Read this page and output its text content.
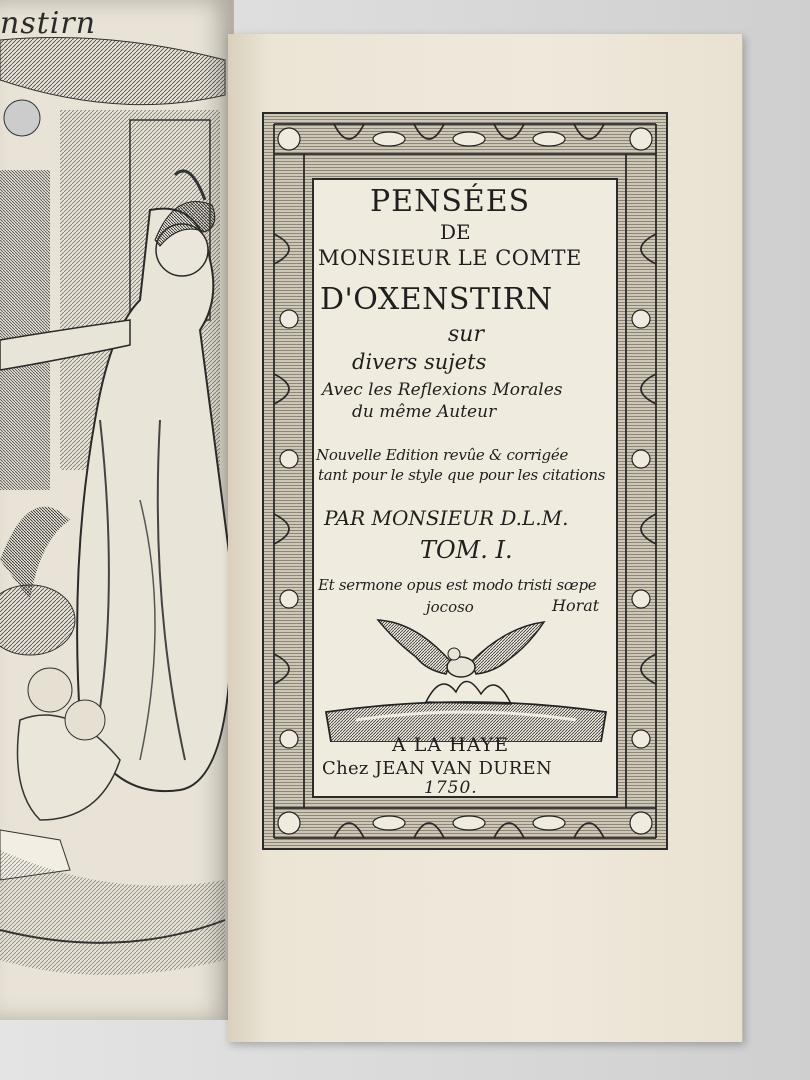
nstirn
PENSÉES
DE
MONSIEUR LE COMTE
D'OXENSTIRN
sur
divers sujets
Avec les Reflexions Morales
du même Auteur
Nouvelle Edition revûe & corrigée
tant pour le style que pour les citations
PAR MONSIEUR D.L.M.
TOM. I.
Et sermone opus est modo tristi sœpe
jocoso	Horat
A LA HAYE
Chez JEAN VAN DUREN
1750.
